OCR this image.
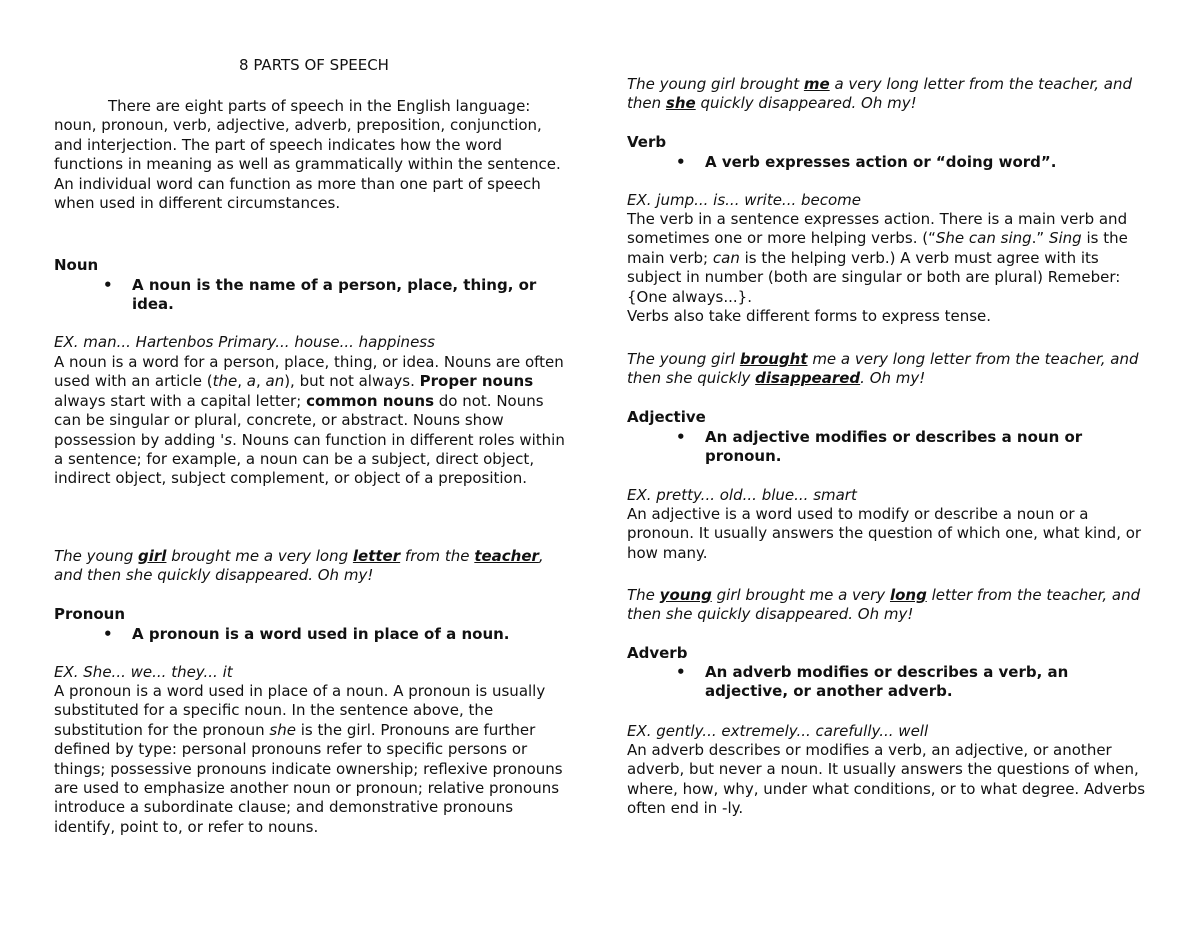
8 PARTS OF SPEECH

There are eight parts of speech in the English language: noun, pronoun, verb, adjective, adverb, preposition, conjunction, and interjection. The part of speech indicates how the word functions in meaning as well as grammatically within the sentence. An individual word can function as more than one part of speech when used in different circumstances.

Noun
• A noun is the name of a person, place, thing, or idea.
EX. man... Hartenbos Primary... house... happiness

A noun is a word for a person, place, thing, or idea. Nouns are often used with an article (the, a, an), but not always. Proper nouns always start with a capital letter; common nouns do not. Nouns can be singular or plural, concrete, or abstract. Nouns show possession by adding 's. Nouns can function in different roles within a sentence; for example, a noun can be a subject, direct object, indirect object, subject complement, or object of a preposition.

The young girl brought me a very long letter from the teacher, and then she quickly disappeared. Oh my!

Pronoun
• A pronoun is a word used in place of a noun.
EX. She... we... they... it

A pronoun is a word used in place of a noun. A pronoun is usually substituted for a specific noun. In the sentence above, the substitution for the pronoun she is the girl. Pronouns are further defined by type: personal pronouns refer to specific persons or things; possessive pronouns indicate ownership; reflexive pronouns are used to emphasize another noun or pronoun; relative pronouns introduce a subordinate clause; and demonstrative pronouns identify, point to, or refer to nouns.

The young girl brought me a very long letter from the teacher, and then she quickly disappeared. Oh my!

Verb
• A verb expresses action or “doing word”.
EX. jump... is... write... become

The verb in a sentence expresses action. There is a main verb and sometimes one or more helping verbs. (“She can sing.” Sing is the main verb; can is the helping verb.) A verb must agree with its subject in number (both are singular or both are plural) Remeber: {One always...}.
Verbs also take different forms to express tense.

The young girl brought me a very long letter from the teacher, and then she quickly disappeared. Oh my!

Adjective
• An adjective modifies or describes a noun or pronoun.
EX. pretty... old... blue... smart

An adjective is a word used to modify or describe a noun or a pronoun. It usually answers the question of which one, what kind, or how many.

The young girl brought me a very long letter from the teacher, and then she quickly disappeared. Oh my!

Adverb
• An adverb modifies or describes a verb, an adjective, or another adverb.
EX. gently... extremely... carefully... well

An adverb describes or modifies a verb, an adjective, or another adverb, but never a noun. It usually answers the questions of when, where, how, why, under what conditions, or to what degree. Adverbs often end in -ly.
